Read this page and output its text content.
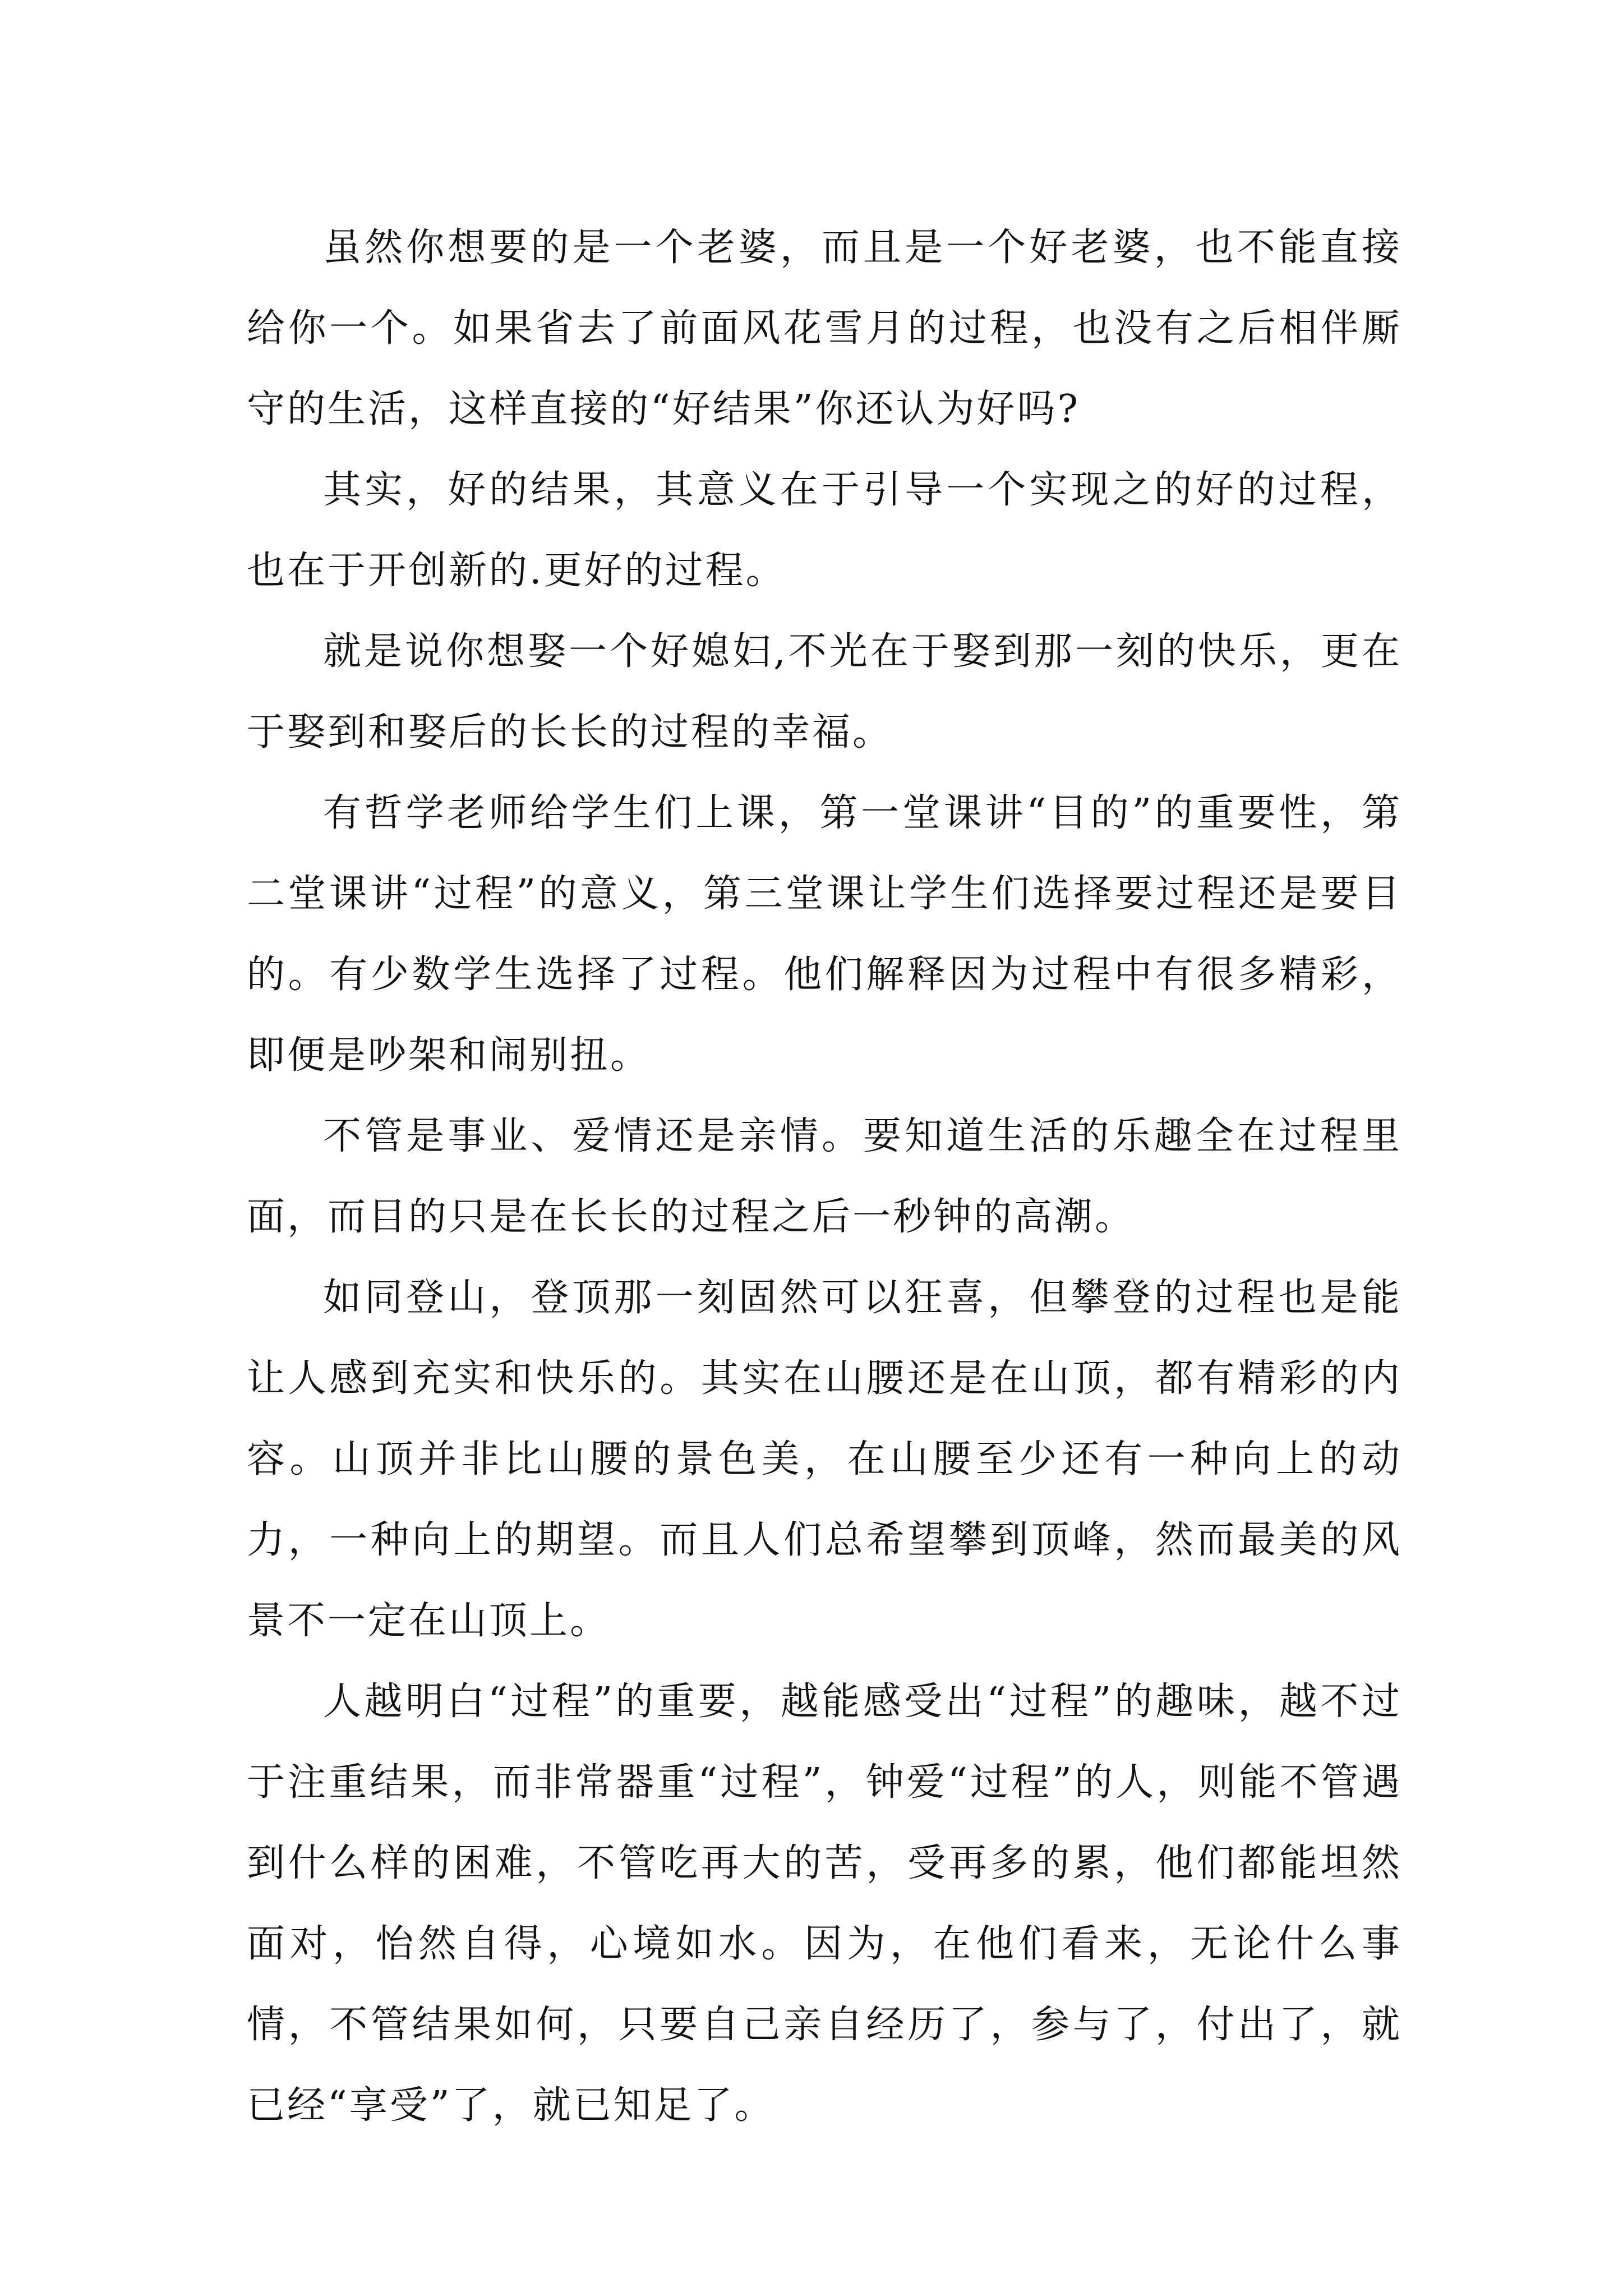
虽然你想要的是一个老婆，而且是一个好老婆，也不能直接给你一个。如果省去了前面风花雪月的过程，也没有之后相伴厮守的生活，这样直接的“好结果”你还认为好吗?

其实，好的结果，其意义在于引导一个实现之的好的过程，也在于开创新的.更好的过程。

就是说你想娶一个好媳妇,不光在于娶到那一刻的快乐，更在于娶到和娶后的长长的过程的幸福。

有哲学老师给学生们上课，第一堂课讲“目的”的重要性，第二堂课讲“过程”的意义，第三堂课让学生们选择要过程还是要目的。有少数学生选择了过程。他们解释因为过程中有很多精彩，即便是吵架和闹别扭。

不管是事业、爱情还是亲情。要知道生活的乐趣全在过程里面，而目的只是在长长的过程之后一秒钟的高潮。

如同登山，登顶那一刻固然可以狂喜，但攀登的过程也是能让人感到充实和快乐的。其实在山腰还是在山顶，都有精彩的内容。山顶并非比山腰的景色美，在山腰至少还有一种向上的动力，一种向上的期望。而且人们总希望攀到顶峰，然而最美的风景不一定在山顶上。

人越明白“过程”的重要，越能感受出“过程”的趣味，越不过于注重结果，而非常器重“过程”，钟爱“过程”的人，则能不管遇到什么样的困难，不管吃再大的苦，受再多的累，他们都能坦然面对，怡然自得，心境如水。因为，在他们看来，无论什么事情，不管结果如何，只要自己亲自经历了，参与了，付出了，就已经“享受”了，就已知足了。
